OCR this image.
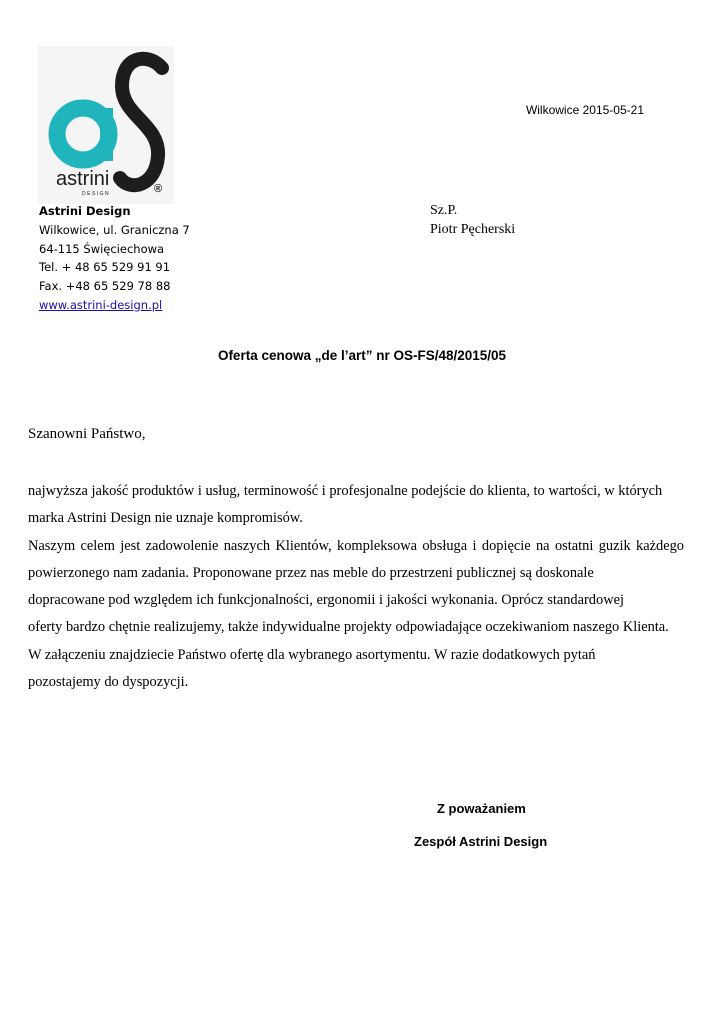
astrini
DESIGN	®
Wilkowice 2015-05-21
Astrini Design
Wilkowice, ul. Graniczna 7
64-115 Święciechowa
Tel. + 48 65 529 91 91
Fax. +48 65 529 78 88
www.astrini-design.pl
Sz.P.
Piotr Pęcherski
Oferta cenowa „de l’art” nr OS-FS/48/2015/05
Szanowni Państwo,
najwyższa jakość produktów i usług, terminowość i profesjonalne podejście do klienta, to wartości, w których
marka Astrini Design nie uznaje kompromisów.
Naszym celem jest zadowolenie naszych Klientów, kompleksowa obsługa i dopięcie na ostatni guzik każdego
powierzonego nam zadania. Proponowane przez nas meble do przestrzeni publicznej są doskonale
dopracowane pod względem ich funkcjonalności, ergonomii i jakości wykonania. Oprócz standardowej
oferty bardzo chętnie realizujemy, także indywidualne projekty odpowiadające oczekiwaniom naszego Klienta.
W załączeniu znajdziecie Państwo ofertę dla wybranego asortymentu. W razie dodatkowych pytań
pozostajemy do dyspozycji.
Z poważaniem
Zespół Astrini Design
